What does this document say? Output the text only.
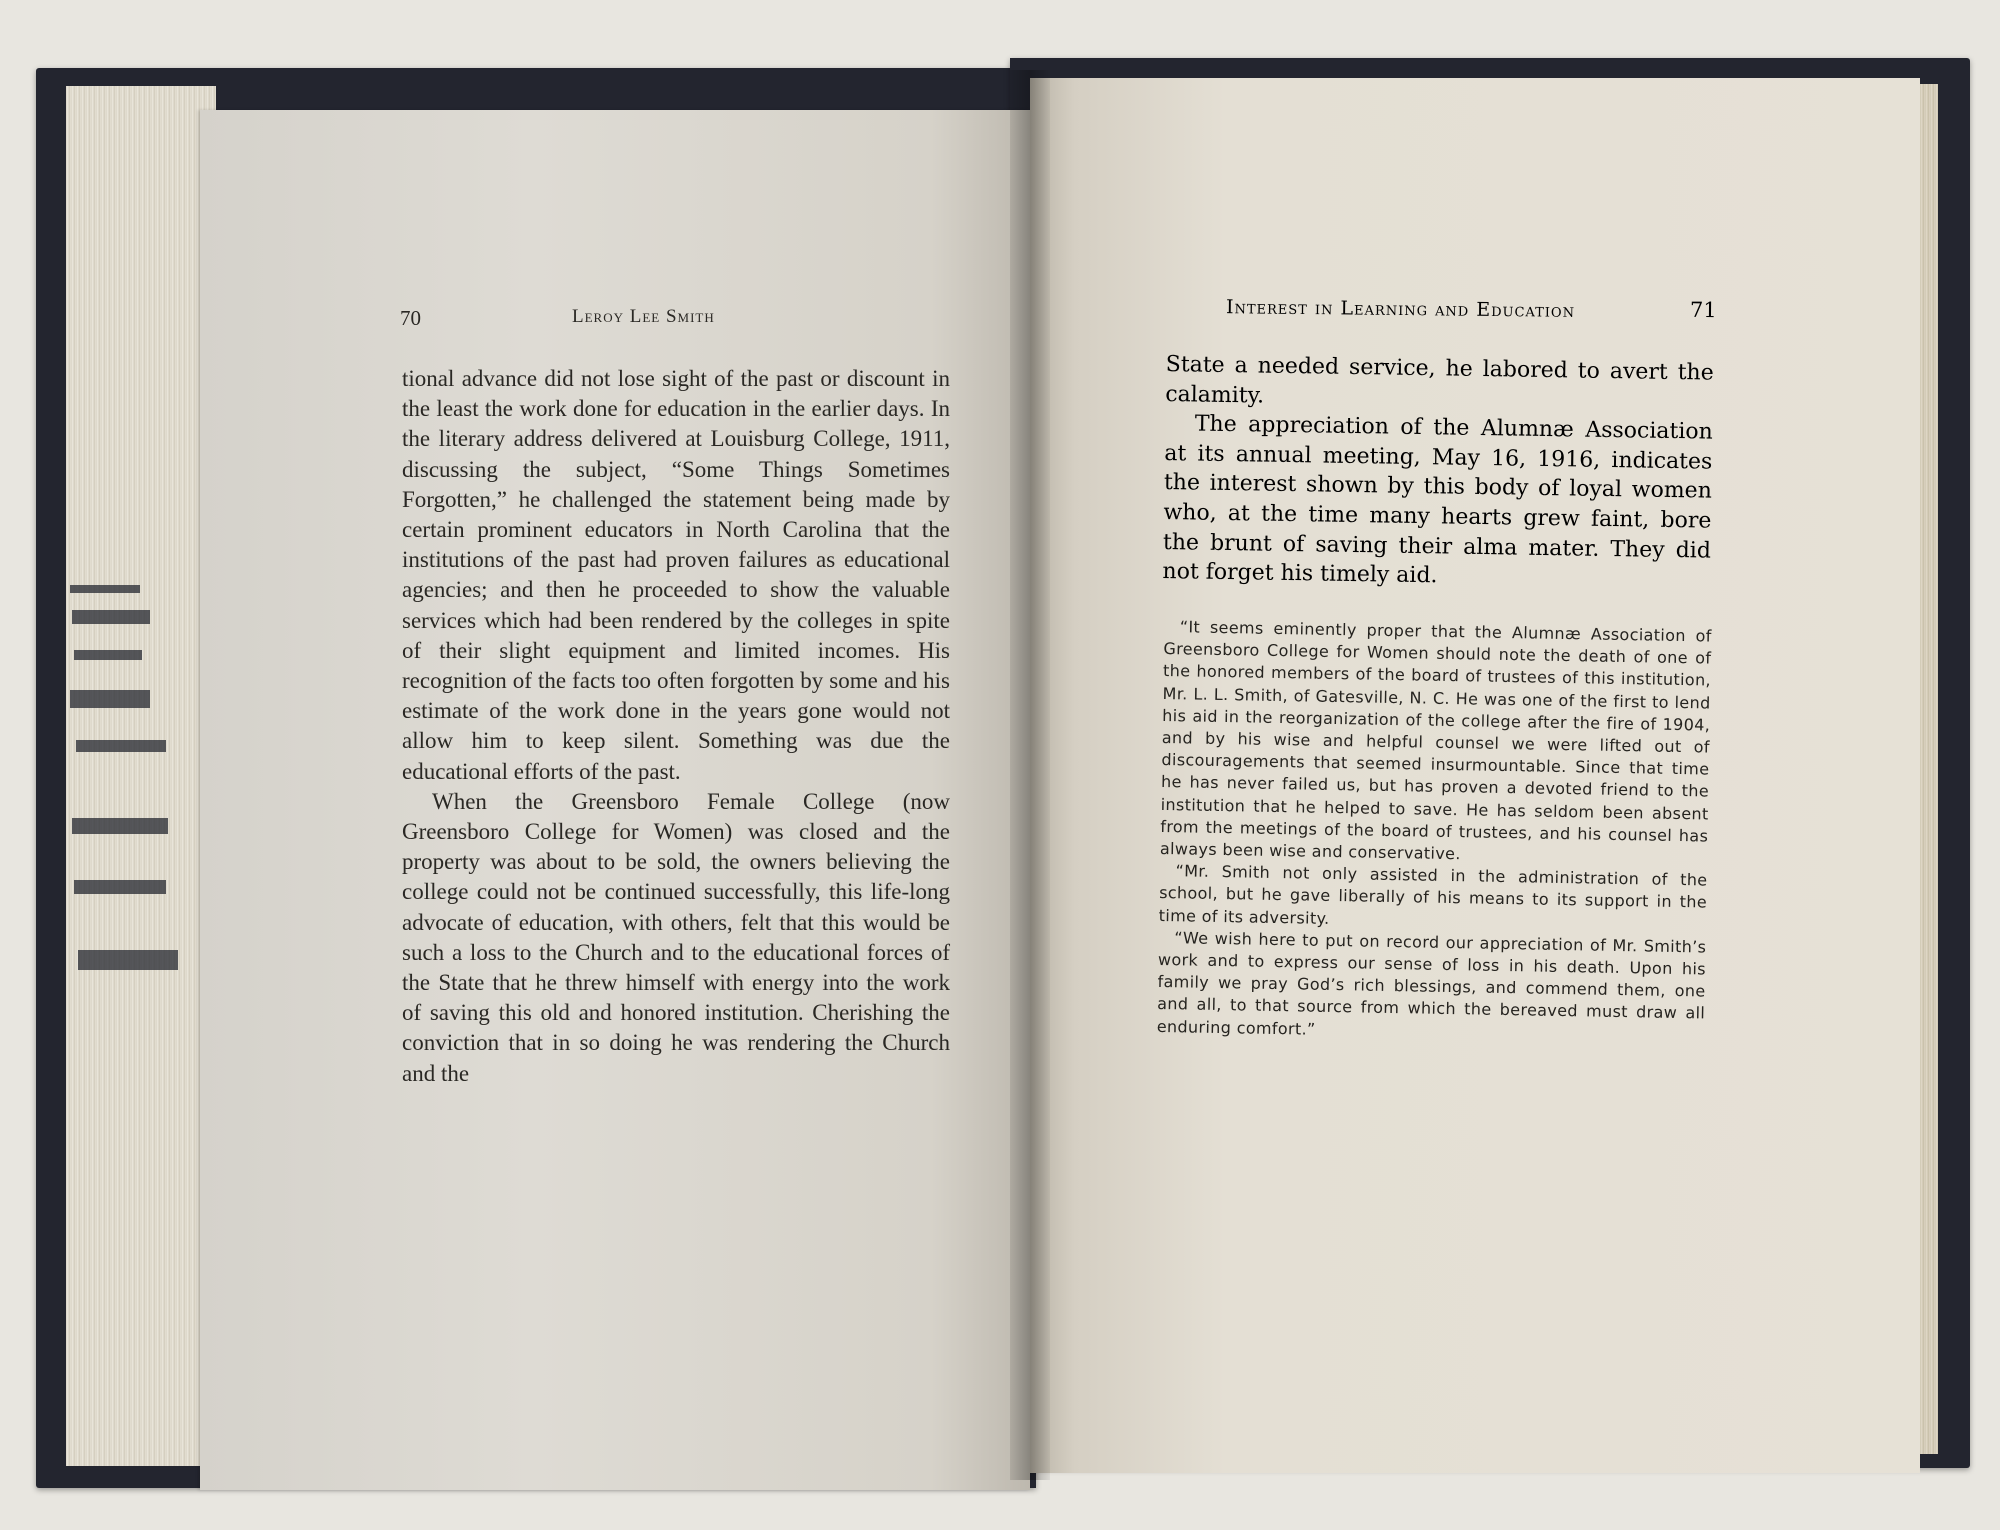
70	Leroy Lee Smith

tional advance did not lose sight of the past or discount in the least the work done for education in the earlier days. In the literary address delivered at Louisburg College, 1911, discussing the subject, “Some Things Sometimes Forgotten,” he challenged the statement being made by certain prominent educators in North Carolina that the institutions of the past had proven failures as educational agencies; and then he proceeded to show the valuable services which had been rendered by the colleges in spite of their slight equipment and limited incomes. His recognition of the facts too often forgotten by some and his estimate of the work done in the years gone would not allow him to keep silent. Something was due the educational efforts of the past.

When the Greensboro Female College (now Greensboro College for Women) was closed and the property was about to be sold, the owners believing the college could not be continued successfully, this life-long advocate of education, with others, felt that this would be such a loss to the Church and to the educational forces of the State that he threw himself with energy into the work of saving this old and honored institution. Cherishing the conviction that in so doing he was rendering the Church and the

Interest in Learning and Education	71

State a needed service, he labored to avert the calamity.

The appreciation of the Alumnæ Association at its annual meeting, May 16, 1916, indicates the interest shown by this body of loyal women who, at the time many hearts grew faint, bore the brunt of saving their alma mater. They did not forget his timely aid.

“It seems eminently proper that the Alumnæ Association of Greensboro College for Women should note the death of one of the honored members of the board of trustees of this institution, Mr. L. L. Smith, of Gatesville, N. C. He was one of the first to lend his aid in the reorganization of the college after the fire of 1904, and by his wise and helpful counsel we were lifted out of discouragements that seemed insurmountable. Since that time he has never failed us, but has proven a devoted friend to the institution that he helped to save. He has seldom been absent from the meetings of the board of trustees, and his counsel has always been wise and conservative.

“Mr. Smith not only assisted in the administration of the school, but he gave liberally of his means to its support in the time of its adversity.

“We wish here to put on record our appreciation of Mr. Smith’s work and to express our sense of loss in his death. Upon his family we pray God’s rich blessings, and commend them, one and all, to that source from which the bereaved must draw all enduring comfort.”
